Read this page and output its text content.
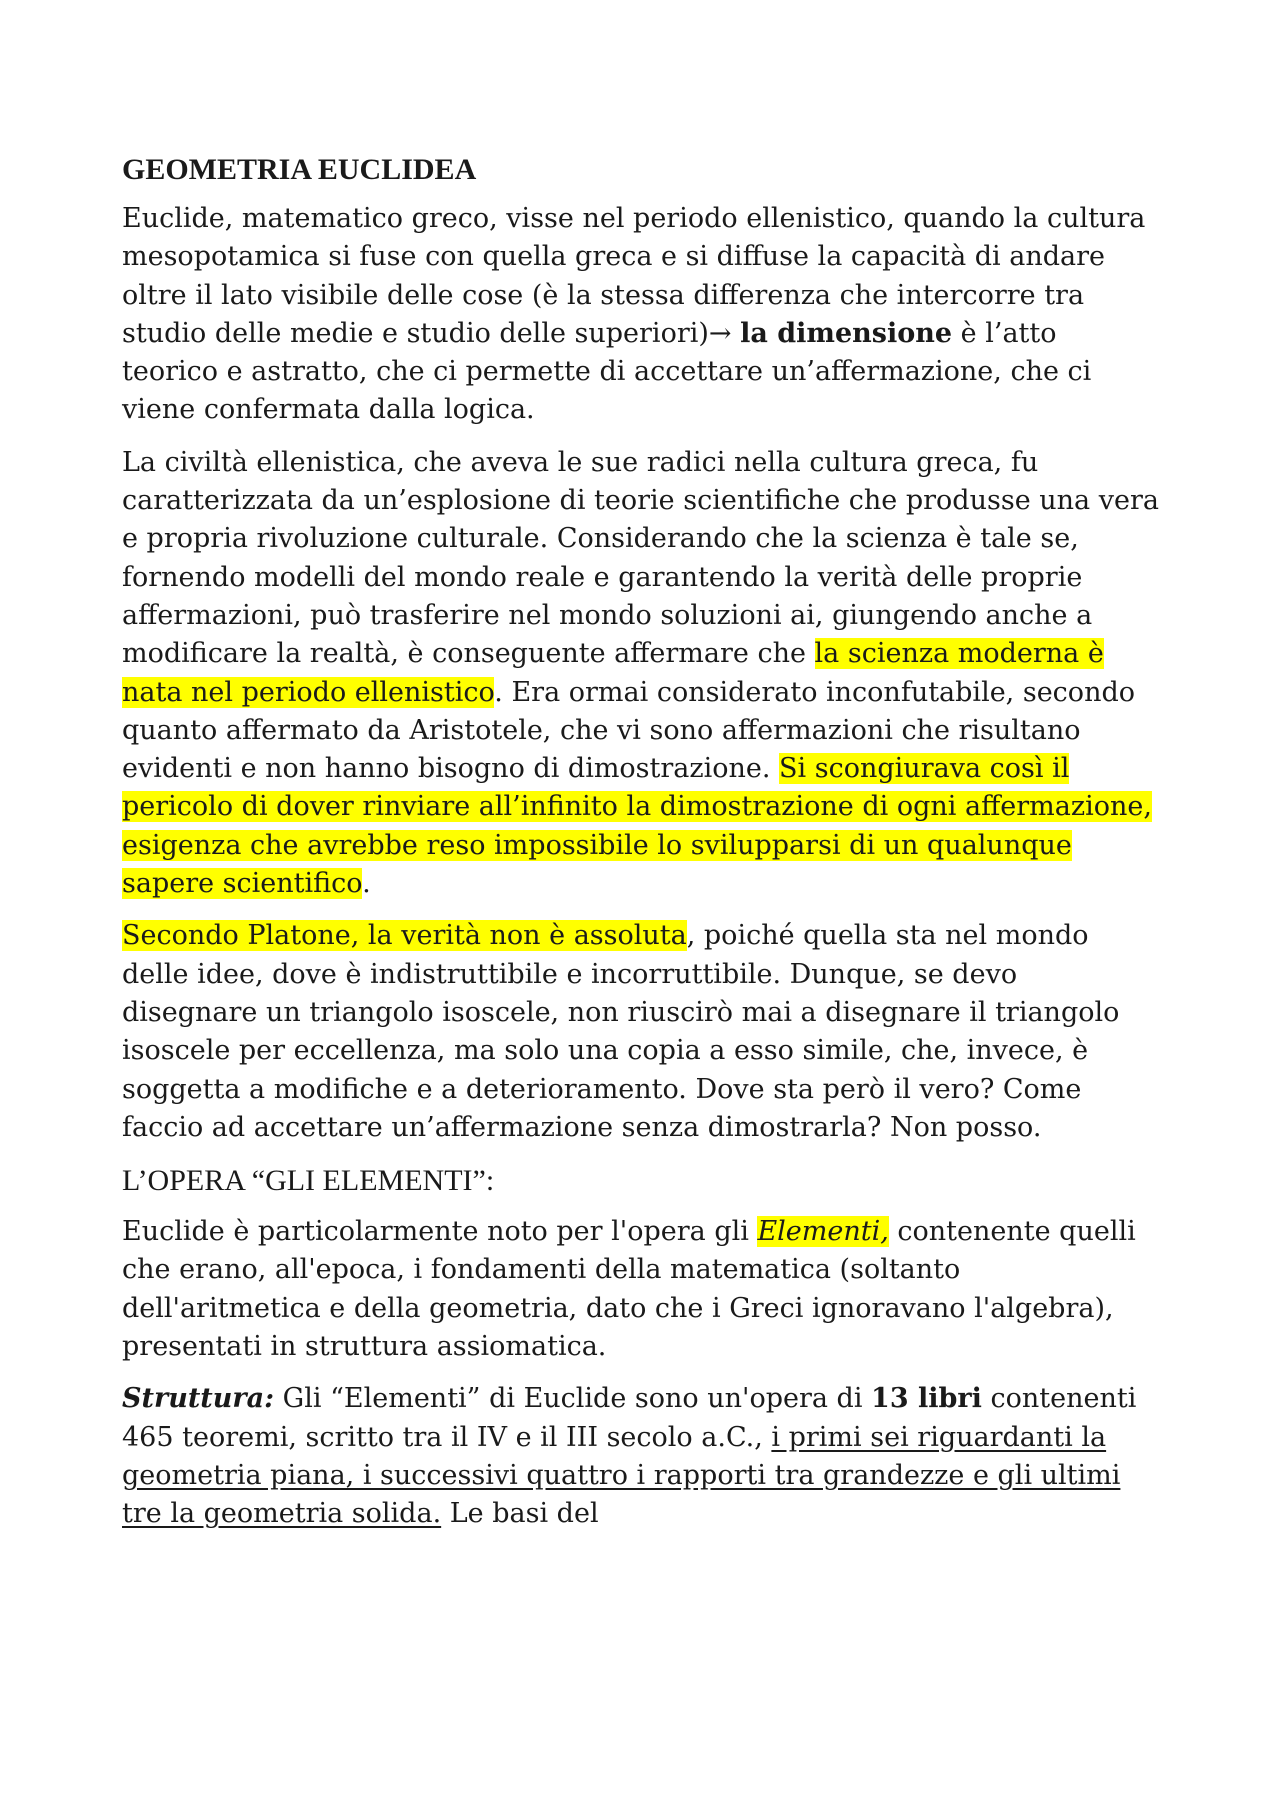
GEOMETRIA EUCLIDEA

Euclide, matematico greco, visse nel periodo ellenistico, quando la cultura mesopotamica si fuse con quella greca e si diffuse la capacità di andare oltre il lato visibile delle cose (è la stessa differenza che intercorre tra studio delle medie e studio delle superiori)→ la dimensione è l’atto teorico e astratto, che ci permette di accettare un’affermazione, che ci viene confermata dalla logica.

La civiltà ellenistica, che aveva le sue radici nella cultura greca, fu caratterizzata da un’esplosione di teorie scientifiche che produsse una vera e propria rivoluzione culturale. Considerando che la scienza è tale se, fornendo modelli del mondo reale e garantendo la verità delle proprie affermazioni, può trasferire nel mondo soluzioni ai, giungendo anche a modificare la realtà, è conseguente affermare che la scienza moderna è nata nel periodo ellenistico. Era ormai considerato inconfutabile, secondo quanto affermato da Aristotele, che vi sono affermazioni che risultano evidenti e non hanno bisogno di dimostrazione. Si scongiurava così il pericolo di dover rinviare all’infinito la dimostrazione di ogni affermazione, esigenza che avrebbe reso impossibile lo svilupparsi di un qualunque sapere scientifico.

Secondo Platone, la verità non è assoluta, poiché quella sta nel mondo delle idee, dove è indistruttibile e incorruttibile. Dunque, se devo disegnare un triangolo isoscele, non riuscirò mai a disegnare il triangolo isoscele per eccellenza, ma solo una copia a esso simile, che, invece, è soggetta a modifiche e a deterioramento. Dove sta però il vero? Come faccio ad accettare un’affermazione senza dimostrarla? Non posso.

L’OPERA “GLI ELEMENTI”:

Euclide è particolarmente noto per l'opera gli Elementi, contenente quelli che erano, all'epoca, i fondamenti della matematica (soltanto dell'aritmetica e della geometria, dato che i Greci ignoravano l'algebra), presentati in struttura assiomatica.

Struttura: Gli “Elementi” di Euclide sono un'opera di 13 libri contenenti 465 teoremi, scritto tra il IV e il III secolo a.C., i primi sei riguardanti la geometria piana, i successivi quattro i rapporti tra grandezze e gli ultimi tre la geometria solida. Le basi del
